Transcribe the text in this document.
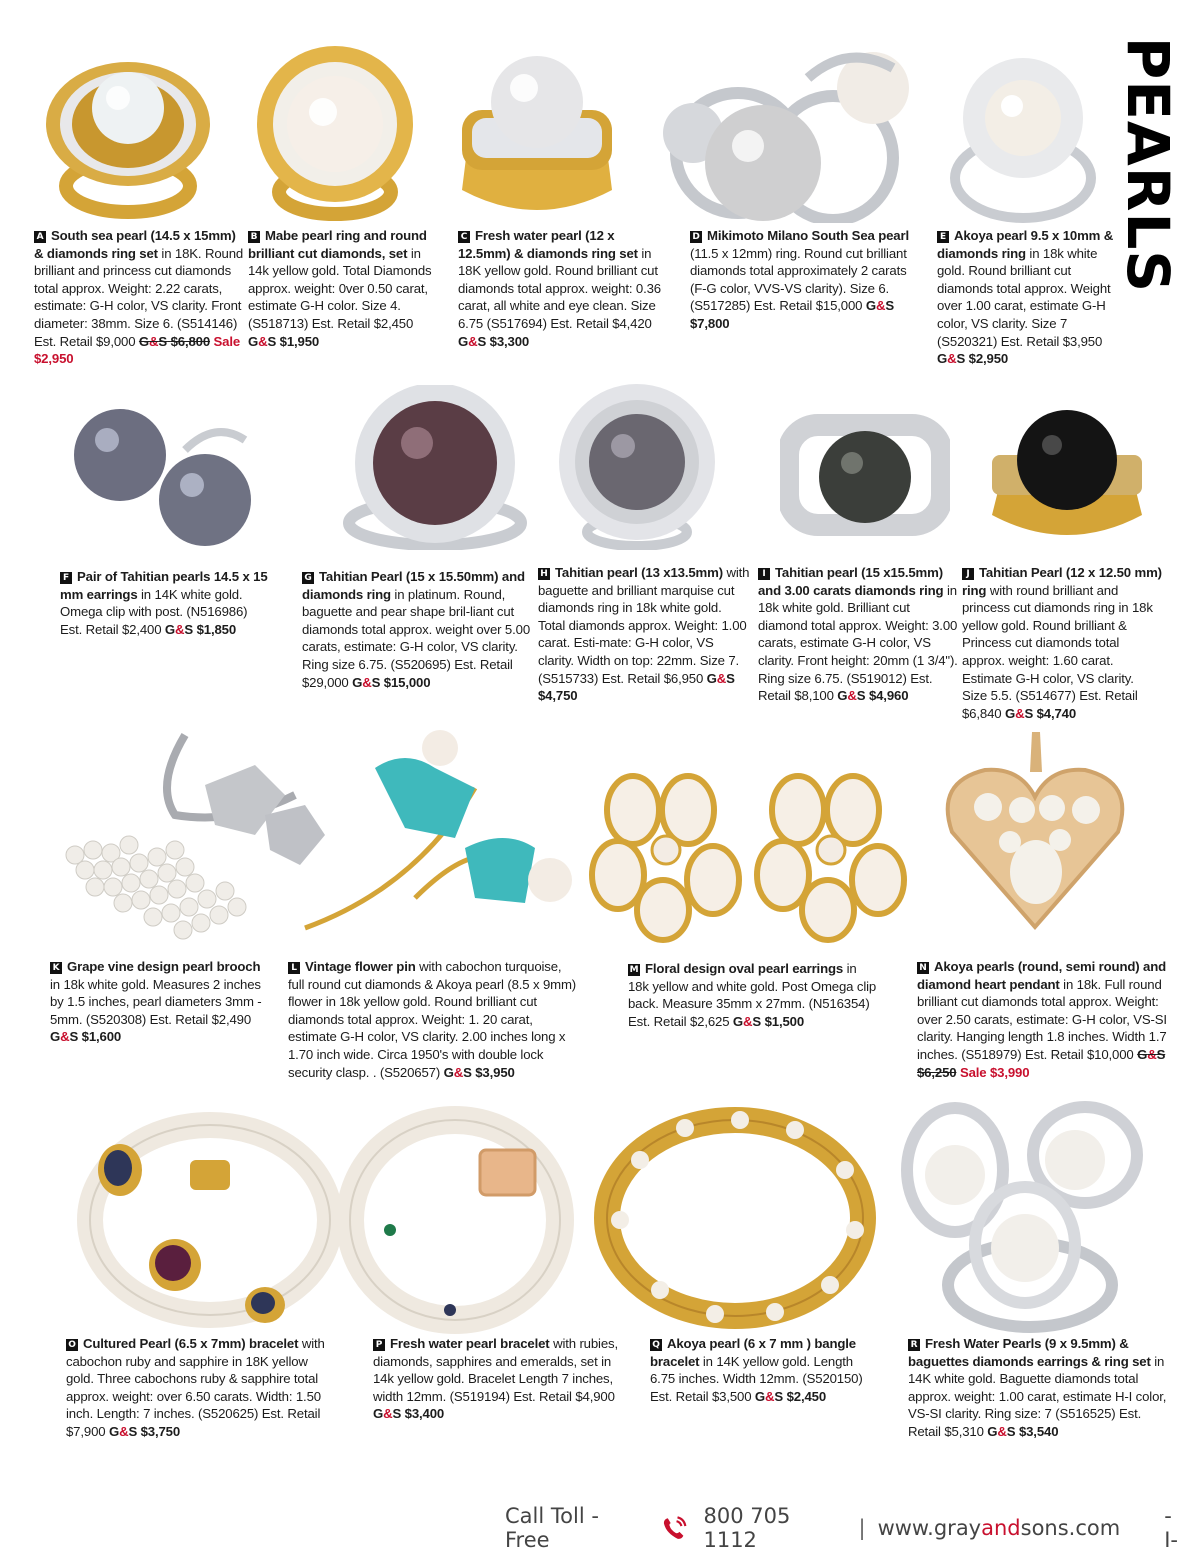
PEARLS
A South sea pearl (14.5 x 15mm) & diamonds ring set in 18K. Round brilliant and princess cut diamonds total approx. Weight: 2.22 carats, estimate: G-H color, VS clarity. Front diameter: 38mm. Size 6. (S514146) Est. Retail $9,000 G&S $6,800 Sale $2,950
B Mabe pearl ring and round brilliant cut diamonds, set in 14k yellow gold. Total Diamonds approx. weight: 0ver 0.50 carat, estimate G-H color. Size 4. (S518713) Est. Retail $2,450 G&S $1,950
C Fresh water pearl (12 x 12.5mm) & diamonds ring set in 18K yellow gold. Round brilliant cut diamonds total approx. weight: 0.36 carat, all white and eye clean. Size 6.75 (S517694) Est. Retail $4,420 G&S $3,300
D Mikimoto Milano South Sea pearl (11.5 x 12mm) ring. Round cut brilliant diamonds total approximately 2 carats (F-G color, VVS-VS clarity). Size 6. (S517285) Est. Retail $15,000 G&S $7,800
E Akoya pearl 9.5 x 10mm & diamonds ring in 18k white gold. Round brilliant cut diamonds total approx. Weight over 1.00 carat, estimate G-H color, VS clarity. Size 7 (S520321) Est. Retail $3,950 G&S $2,950
F Pair of Tahitian pearls 14.5 x 15 mm earrings in 14K white gold. Omega clip with post. (N516986) Est. Retail $2,400 G&S $1,850
G Tahitian Pearl (15 x 15.50mm) and diamonds ring in platinum. Round, baguette and pear shape bril-liant cut diamonds total approx. weight over 5.00 carats, estimate: G-H color, VS clarity. Ring size 6.75. (S520695) Est. Retail $29,000 G&S $15,000
H Tahitian pearl (13 x13.5mm) with baguette and brilliant marquise cut diamonds ring in 18k white gold. Total diamonds approx. Weight: 1.00 carat. Esti-mate: G-H color, VS clarity. Width on top: 22mm. Size 7. (S515733) Est. Retail $6,950 G&S $4,750
I Tahitian pearl (15 x15.5mm) and 3.00 carats diamonds ring in 18k white gold. Brilliant cut diamond total approx. Weight: 3.00 carats, estimate G-H color, VS clarity. Front height: 20mm (1 3/4"). Ring size 6.75. (S519012) Est. Retail $8,100 G&S $4,960
J Tahitian Pearl (12 x 12.50 mm) ring with round brilliant and princess cut diamonds ring in 18k yellow gold. Round brilliant & Princess cut diamonds total approx. weight: 1.60 carat. Estimate G-H color, VS clarity. Size 5.5. (S514677) Est. Retail $6,840 G&S $4,740
K Grape vine design pearl brooch in 18k white gold. Measures 2 inches by 1.5 inches, pearl diameters 3mm - 5mm. (S520308) Est. Retail $2,490 G&S $1,600
L Vintage flower pin with cabochon turquoise, full round cut diamonds & Akoya pearl (8.5 x 9mm) flower in 18k yellow gold. Round brilliant cut diamonds total approx. Weight: 1. 20 carat, estimate G-H color, VS clarity. 2.00 inches long x 1.70 inch wide. Circa 1950's with double lock security clasp. . (S520657) G&S $3,950
M Floral design oval pearl earrings in 18k yellow and white gold. Post Omega clip back. Measure 35mm x 27mm. (N516354) Est. Retail $2,625 G&S $1,500
N Akoya pearls (round, semi round) and diamond heart pendant in 18k. Full round brilliant cut diamonds total approx. Weight: over 2.50 carats, estimate: G-H color, VS-SI clarity. Hanging length 1.8 inches. Width 1.7 inches. (S518979) Est. Retail $10,000 G&S $6,250 Sale $3,990
O Cultured Pearl (6.5 x 7mm) bracelet with cabochon ruby and sapphire in 18K yellow gold. Three cabochons ruby & sapphire total approx. weight: over 6.50 carats. Width: 1.50 inch. Length: 7 inches. (S520625) Est. Retail $7,900 G&S $3,750
P Fresh water pearl bracelet with rubies, diamonds, sapphires and emeralds, set in 14k yellow gold. Bracelet Length 7 inches, width 12mm. (S519194) Est. Retail $4,900 G&S $3,400
Q Akoya pearl (6 x 7 mm ) bangle bracelet in 14K yellow gold. Length 6.75 inches. Width 12mm. (S520150) Est. Retail $3,500 G&S $2,450
R Fresh Water Pearls (9 x 9.5mm) & baguettes diamonds earrings & ring set in 14K white gold. Baguette diamonds total approx. weight: 1.00 carat, estimate H-I color, VS-SI clarity. Ring size: 7 (S516525) Est. Retail $5,310 G&S $3,540
Call Toll - Free
800 705 1112	| www.grayandsons.com -I-
